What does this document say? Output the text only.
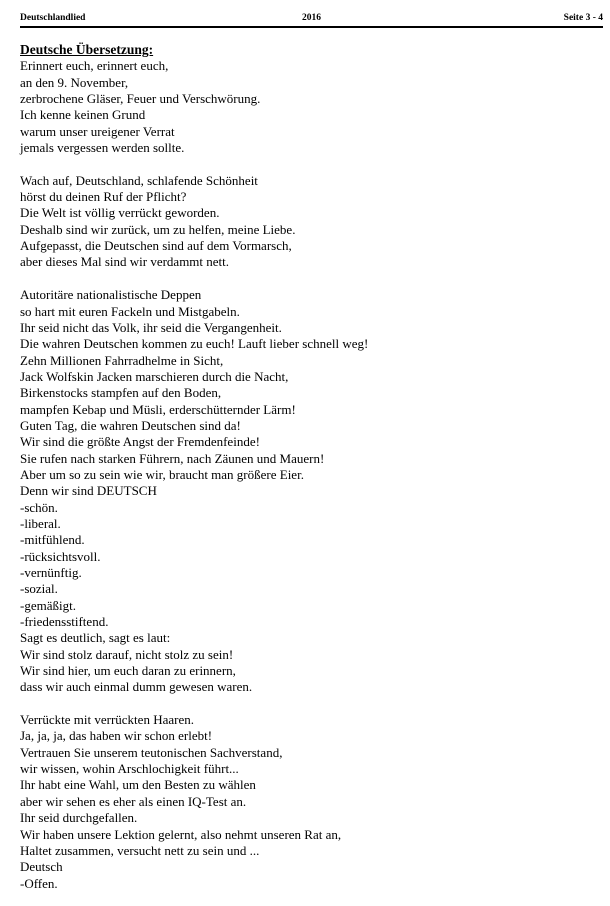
Deutschlandlied	2016	Seite 3 - 4
Deutsche Übersetzung:
Erinnert euch, erinnert euch,
an den 9. November,
zerbrochene Gläser, Feuer und Verschwörung.
Ich kenne keinen Grund
warum unser ureigener Verrat
jemals vergessen werden sollte.
Wach auf, Deutschland, schlafende Schönheit
hörst du deinen Ruf der Pflicht?
Die Welt ist völlig verrückt geworden.
Deshalb sind wir zurück, um zu helfen, meine Liebe.
Aufgepasst, die Deutschen sind auf dem Vormarsch,
aber dieses Mal sind wir verdammt nett.
Autoritäre nationalistische Deppen
so hart mit euren Fackeln und Mistgabeln.
Ihr seid nicht das Volk, ihr seid die Vergangenheit.
Die wahren Deutschen kommen zu euch! Lauft lieber schnell weg!
Zehn Millionen Fahrradhelme in Sicht,
Jack Wolfskin Jacken marschieren durch die Nacht,
Birkenstocks stampfen auf den Boden,
mampfen Kebap und Müsli, erderschütternder Lärm!
Guten Tag, die wahren Deutschen sind da!
Wir sind die größte Angst der Fremdenfeinde!
Sie rufen nach starken Führern, nach Zäunen und Mauern!
Aber um so zu sein wie wir, braucht man größere Eier.
Denn wir sind DEUTSCH
-schön.
-liberal.
-mitfühlend.
-rücksichtsvoll.
-vernünftig.
-sozial.
-gemäßigt.
-friedensstiftend.
Sagt es deutlich, sagt es laut:
Wir sind stolz darauf, nicht stolz zu sein!
Wir sind hier, um euch daran zu erinnern,
dass wir auch einmal dumm gewesen waren.
Verrückte mit verrückten Haaren.
Ja, ja, ja, das haben wir schon erlebt!
Vertrauen Sie unserem teutonischen Sachverstand,
wir wissen, wohin Arschlochigkeit führt...
Ihr habt eine Wahl, um den Besten zu wählen
aber wir sehen es eher als einen IQ-Test an.
Ihr seid durchgefallen.
Wir haben unsere Lektion gelernt, also nehmt unseren Rat an,
Haltet zusammen, versucht nett zu sein und ...
Deutsch
-Offen.
